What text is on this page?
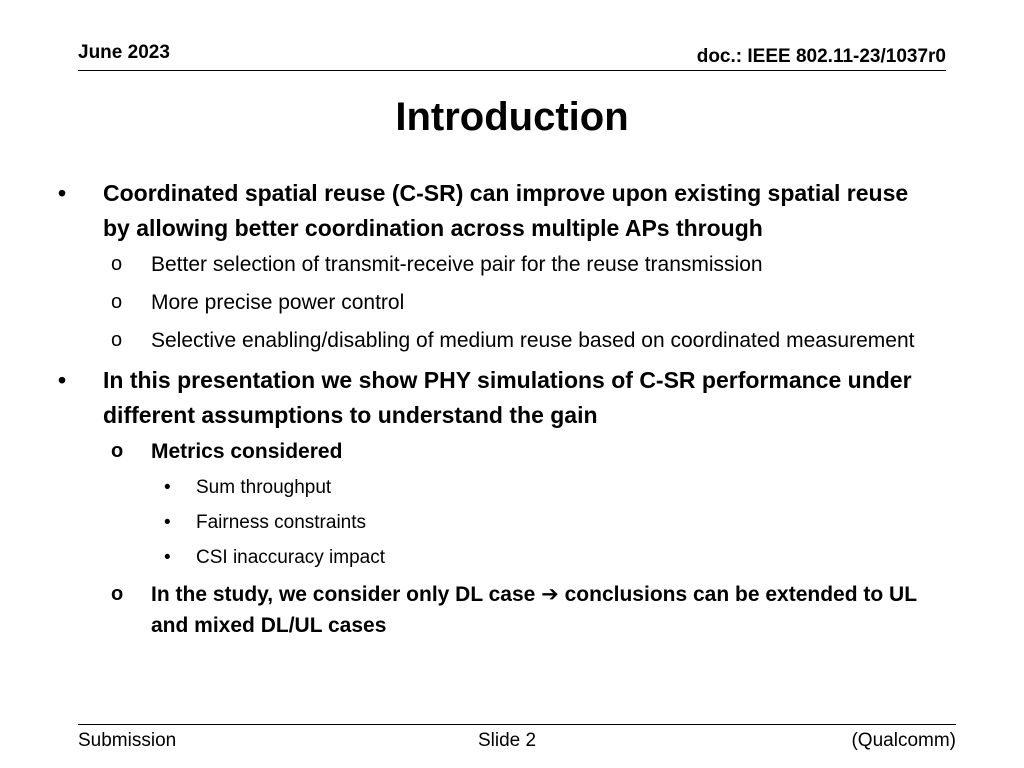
June 2023	doc.: IEEE 802.11-23/1037r0
Introduction
• Coordinated spatial reuse (C-SR) can improve upon existing spatial reuse by allowing better coordination across multiple APs through
o Better selection of transmit-receive pair for the reuse transmission
o More precise power control
o Selective enabling/disabling of medium reuse based on coordinated measurement
• In this presentation we show PHY simulations of C-SR performance under different assumptions to understand the gain
o Metrics considered
• Sum throughput
• Fairness constraints
• CSI inaccuracy impact
o In the study, we consider only DL case ➔ conclusions can be extended to UL and mixed DL/UL cases
Submission	Slide 2	(Qualcomm)
